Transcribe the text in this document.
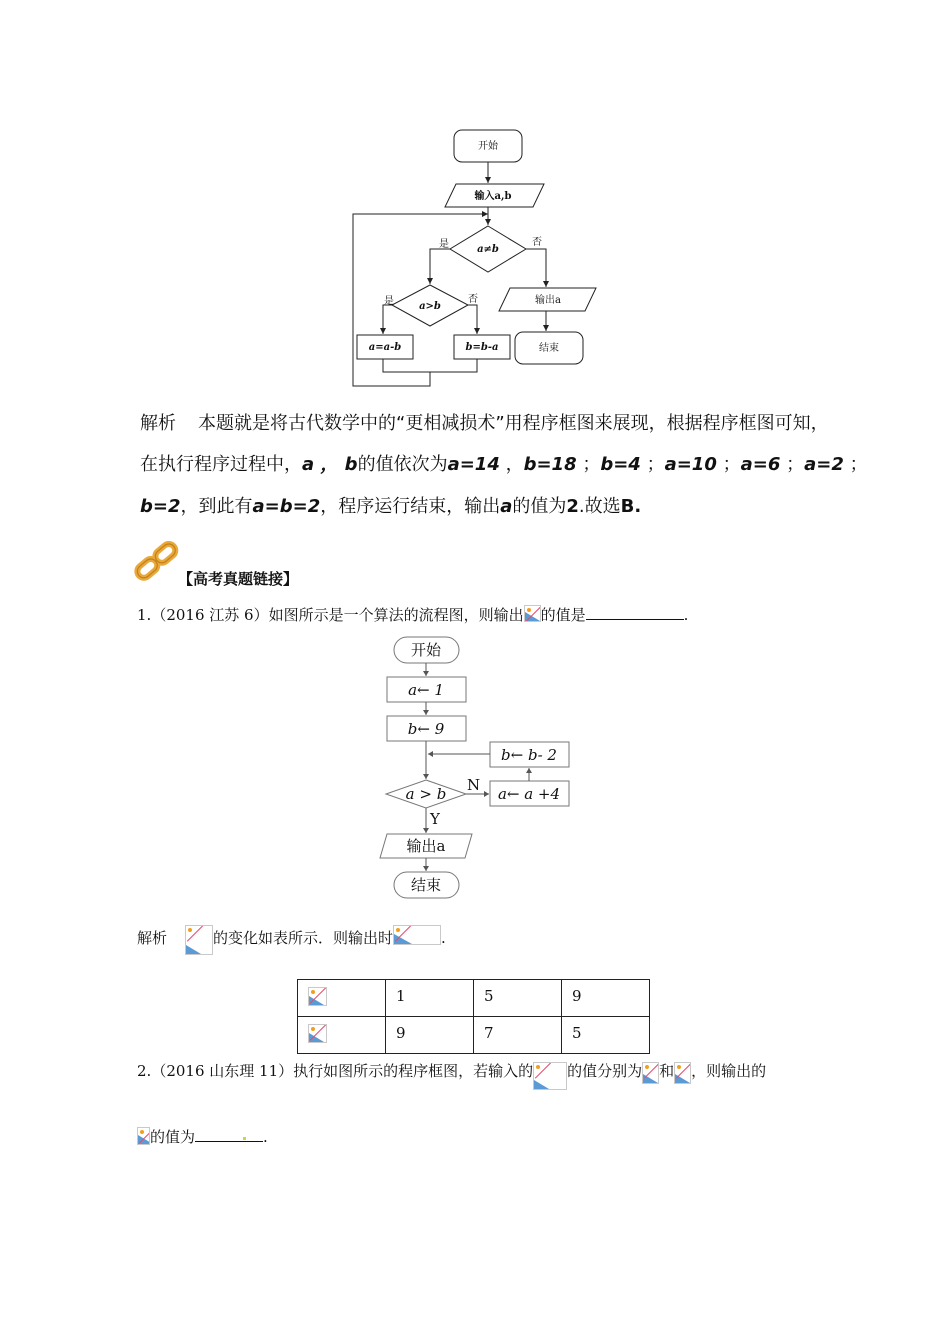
开始
输入a,b
a≠b
是	否
输出a
a>b
是	否
a=a-b	b=b-a	结束
解析 本题就是将古代数学中的“更相减损术”用程序框图来展现，根据程序框图可知，
在执行程序过程中，a ， b的值依次为a=14 ，b=18 ；b=4 ；a=10 ；a=6 ；a=2 ；
b=2，到此有a=b=2，程序运行结束，输出a的值为2.故选B.
【高考真题链接】
1.（2016 江苏 6）如图所示是一个算法的流程图，则输出 的值是	.
开始
a← 1
b← 9
b← b- 2
a > b N a← a +4
Y
输出a
结束
解析	的变化如表所示．则输出时	.
	1	5	9

	9	7	5
2.（2016 山东理 11）执行如图所示的程序框图，若输入的 的值分别为 和 ，则输出的
的值为	.
